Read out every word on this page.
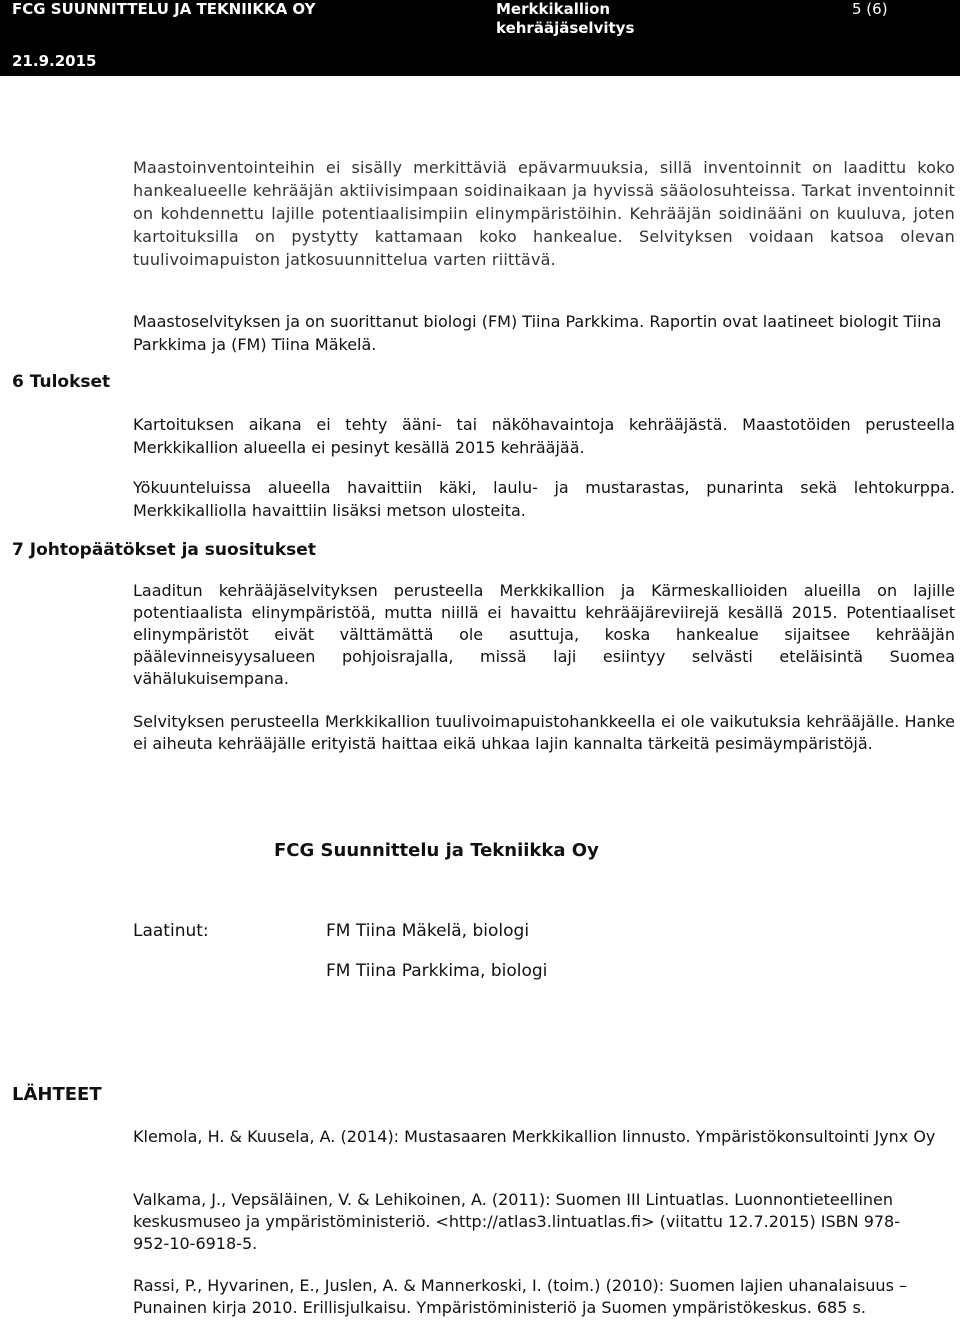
FCG SUUNNITTELU JA TEKNIIKKA OY
21.9.2015
Merkkikallion kehrääjäselvitys
5 (6)
Maastoinventointeihin ei sisälly merkittäviä epävarmuuksia, sillä inventoinnit on laadittu koko hankealueelle kehrääjän aktiivisimpaan soidinaikaan ja hyvissä sääolosuhteissa. Tarkat inventoinnit on kohdennettu lajille potentiaalisimpiin elinympäristöihin. Kehrääjän soidinääni on kuuluva, joten kartoituksilla on pystytty kattamaan koko hankealue. Selvityksen voidaan katsoa olevan tuulivoimapuiston jatkosuunnittelua varten riittävä.
Maastoselvityksen ja on suorittanut biologi (FM) Tiina Parkkima. Raportin ovat laatineet biologit Tiina Parkkima ja (FM) Tiina Mäkelä.
6 Tulokset
Kartoituksen aikana ei tehty ääni- tai näköhavaintoja kehrääjästä. Maastotöiden perusteella Merkkikallion alueella ei pesinyt kesällä 2015 kehrääjää.
Yökuunteluissa alueella havaittiin käki, laulu- ja mustarastas, punarinta sekä lehtokurppa. Merkkikalliolla havaittiin lisäksi metson ulosteita.
7 Johtopäätökset ja suositukset
Laaditun kehrääjäselvityksen perusteella Merkkikallion ja Kärmeskallioiden alueilla on lajille potentiaalista elinympäristöä, mutta niillä ei havaittu kehrääjäreviirejä kesällä 2015. Potentiaaliset elinympäristöt eivät välttämättä ole asuttuja, koska hankealue sijaitsee kehrääjän päälevinneisyysalueen pohjoisrajalla, missä laji esiintyy selvästi eteläisintä Suomea vähälukuisempana.
Selvityksen perusteella Merkkikallion tuulivoimapuistohankkeella ei ole vaikutuksia kehrääjälle. Hanke ei aiheuta kehrääjälle erityistä haittaa eikä uhkaa lajin kannalta tärkeitä pesimäympäristöjä.
FCG Suunnittelu ja Tekniikka Oy
Laatinut:	FM Tiina Mäkelä, biologi
FM Tiina Parkkima, biologi
LÄHTEET
Klemola, H. & Kuusela, A. (2014): Mustasaaren Merkkikallion linnusto. Ympäristökonsultointi Jynx Oy
Valkama, J., Vepsäläinen, V. & Lehikoinen, A. (2011): Suomen III Lintuatlas. Luonnontieteellinen keskusmuseo ja ympäristöministeriö. <http://atlas3.lintuatlas.fi> (viitattu 12.7.2015) ISBN 978-952-10-6918-5.
Rassi, P., Hyvarinen, E., Juslen, A. & Mannerkoski, I. (toim.) (2010): Suomen lajien uhanalaisuus – Punainen kirja 2010. Erillisjulkaisu. Ympäristöministeriö ja Suomen ympäristökeskus. 685 s.
